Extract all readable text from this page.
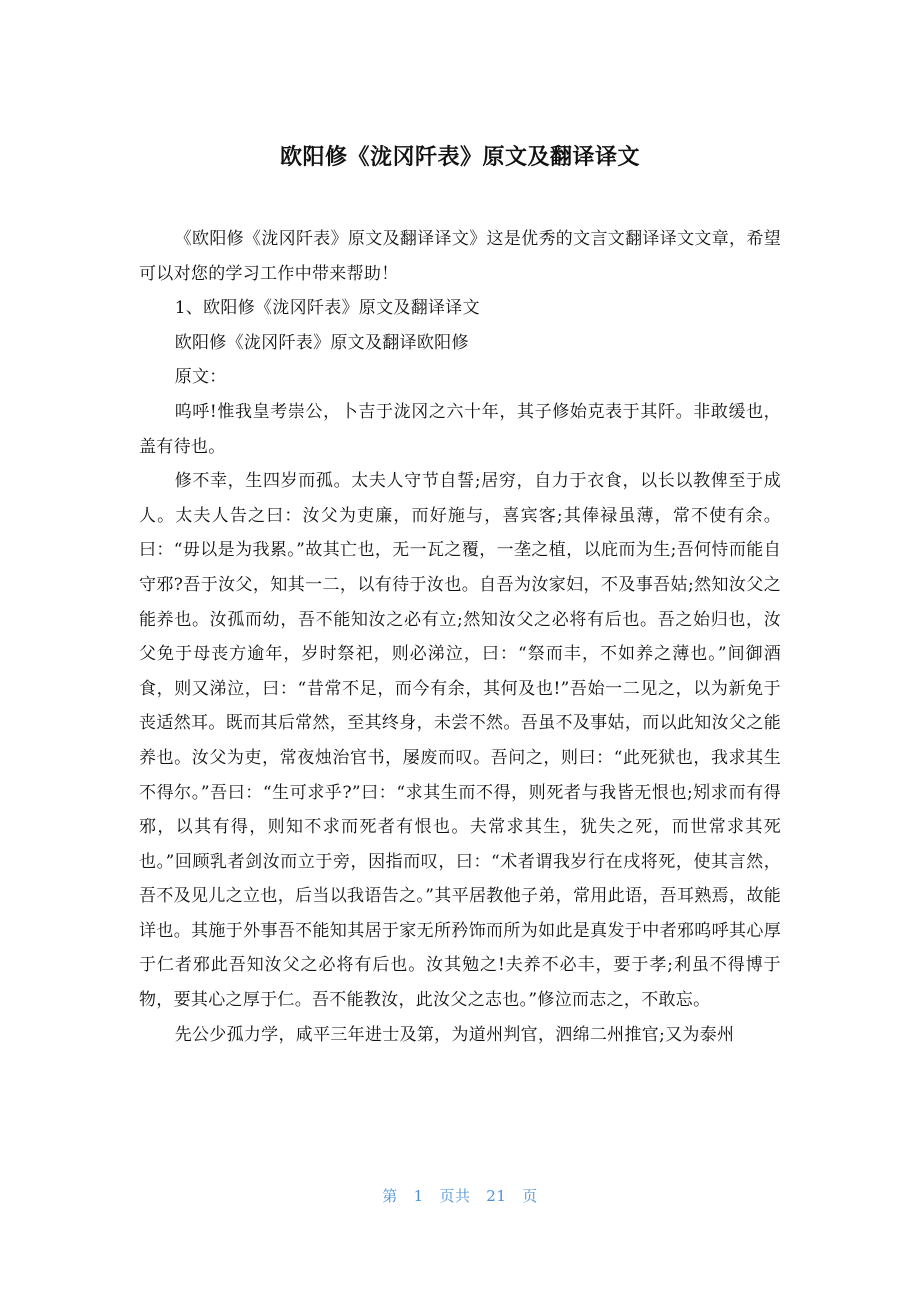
欧阳修《泷冈阡表》原文及翻译译文

《欧阳修《泷冈阡表》原文及翻译译文》这是优秀的文言文翻译译文文章，希望可以对您的学习工作中带来帮助！

1、欧阳修《泷冈阡表》原文及翻译译文

欧阳修《泷冈阡表》原文及翻译欧阳修

原文：

呜呼!惟我皇考崇公，卜吉于泷冈之六十年，其子修始克表于其阡。非敢缓也，盖有待也。

修不幸，生四岁而孤。太夫人守节自誓;居穷，自力于衣食，以长以教俾至于成人。太夫人告之曰：汝父为吏廉，而好施与，喜宾客;其俸禄虽薄，常不使有余。曰：“毋以是为我累。”故其亡也，无一瓦之覆，一垄之植，以庇而为生;吾何恃而能自守邪?吾于汝父，知其一二，以有待于汝也。自吾为汝家妇，不及事吾姑;然知汝父之能养也。汝孤而幼，吾不能知汝之必有立;然知汝父之必将有后也。吾之始归也，汝父免于母丧方逾年，岁时祭祀，则必涕泣，曰：“祭而丰，不如养之薄也。”间御酒食，则又涕泣，曰：“昔常不足，而今有余，其何及也!”吾始一二见之，以为新免于丧适然耳。既而其后常然，至其终身，未尝不然。吾虽不及事姑，而以此知汝父之能养也。汝父为吏，常夜烛治官书，屡废而叹。吾问之，则曰：“此死狱也，我求其生不得尔。”吾曰：“生可求乎?”曰：“求其生而不得，则死者与我皆无恨也;矧求而有得邪，以其有得，则知不求而死者有恨也。夫常求其生，犹失之死，而世常求其死也。”回顾乳者剑汝而立于旁，因指而叹，曰：“术者谓我岁行在戌将死，使其言然，吾不及见儿之立也，后当以我语告之。”其平居教他子弟，常用此语，吾耳熟焉，故能详也。其施于外事吾不能知其居于家无所矜饰而所为如此是真发于中者邪呜呼其心厚于仁者邪此吾知汝父之必将有后也。汝其勉之!夫养不必丰，要于孝;利虽不得博于物，要其心之厚于仁。吾不能教汝，此汝父之志也。”修泣而志之，不敢忘。

先公少孤力学，咸平三年进士及第，为道州判官，泗绵二州推官;又为泰州

第 1 页共 21 页
